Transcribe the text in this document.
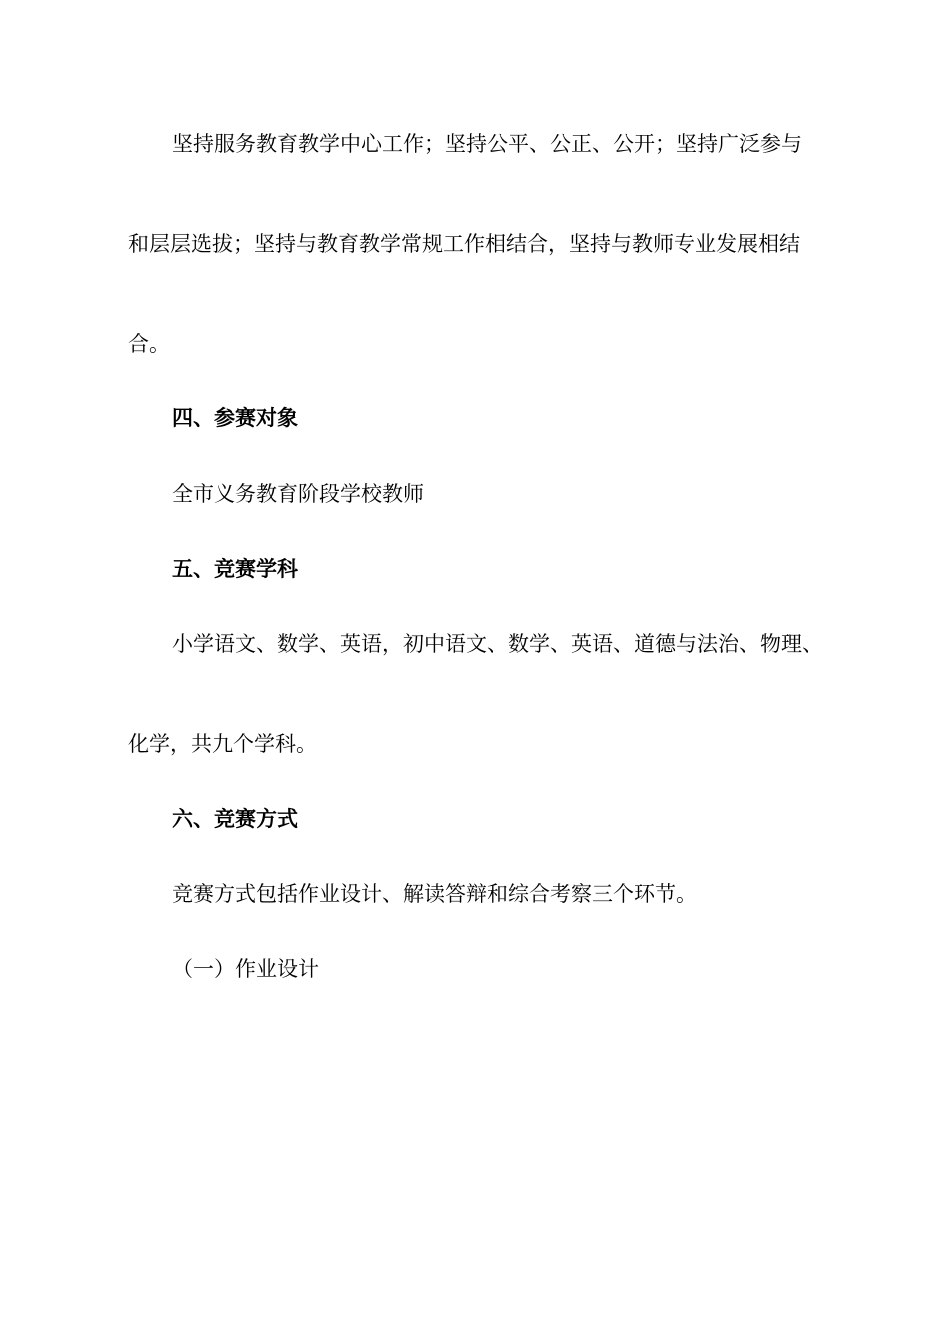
坚持服务教育教学中心工作；坚持公平、公正、公开；坚持广泛参与

和层层选拔；坚持与教育教学常规工作相结合，坚持与教师专业发展相结

合。

四、参赛对象

全市义务教育阶段学校教师

五、竞赛学科

小学语文、数学、英语，初中语文、数学、英语、道德与法治、物理、

化学，共九个学科。

六、竞赛方式

竞赛方式包括作业设计、解读答辩和综合考察三个环节。

（一）作业设计
